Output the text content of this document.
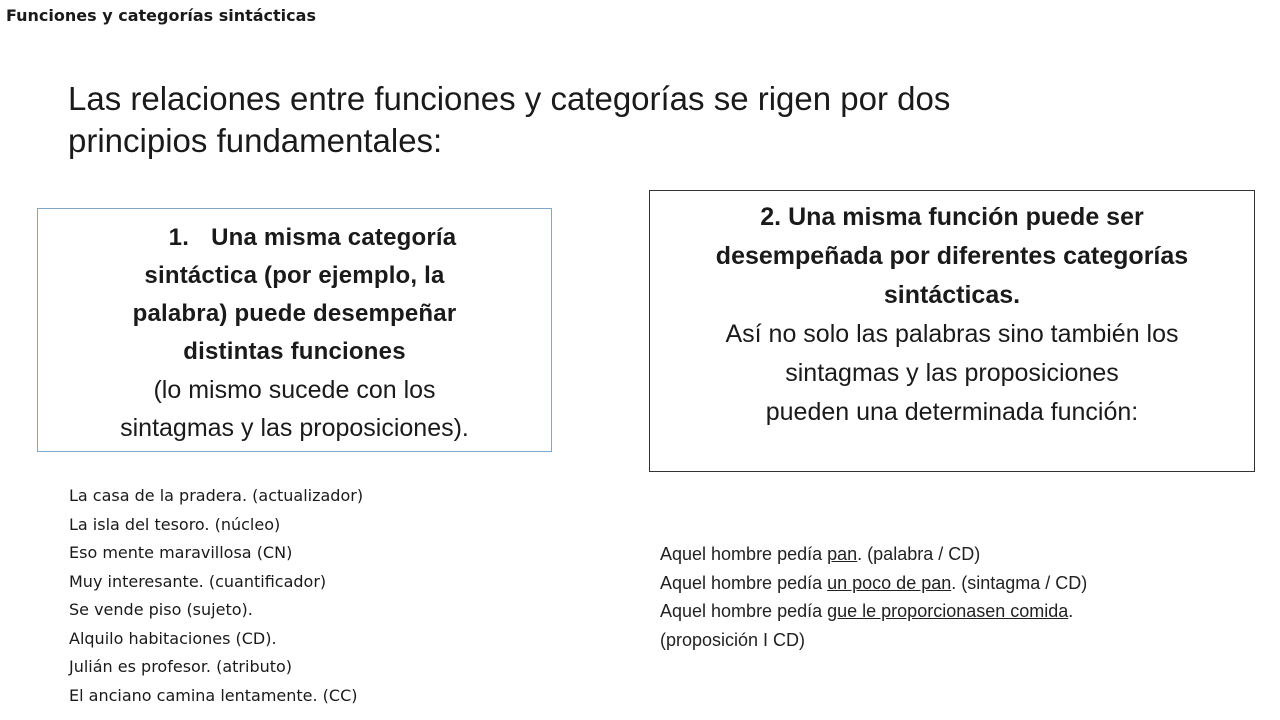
Funciones y categorías sintácticas
Las relaciones entre funciones y categorías se rigen por dos
principios fundamentales:
1. Una misma categoría
sintáctica (por ejemplo, la
palabra) puede desempeñar
distintas funciones
(lo mismo sucede con los
sintagmas y las proposiciones).
2. Una misma función puede ser
desempeñada por diferentes categorías
sintácticas.
Así no solo las palabras sino también los
sintagmas y las proposiciones
pueden una determinada función:
La casa de la pradera. (actualizador)
La isla del tesoro. (núcleo)
Eso mente maravillosa (CN)
Muy interesante. (cuantificador)
Se vende piso (sujeto).
Alquilo habitaciones (CD).
Julián es profesor. (atributo)
El anciano camina lentamente. (CC)
Aquel hombre pedía pan. (palabra / CD)
Aquel hombre pedía un poco de pan. (sintagma / CD)
Aquel hombre pedía gue le proporcionasen comida.
(proposición I CD)
